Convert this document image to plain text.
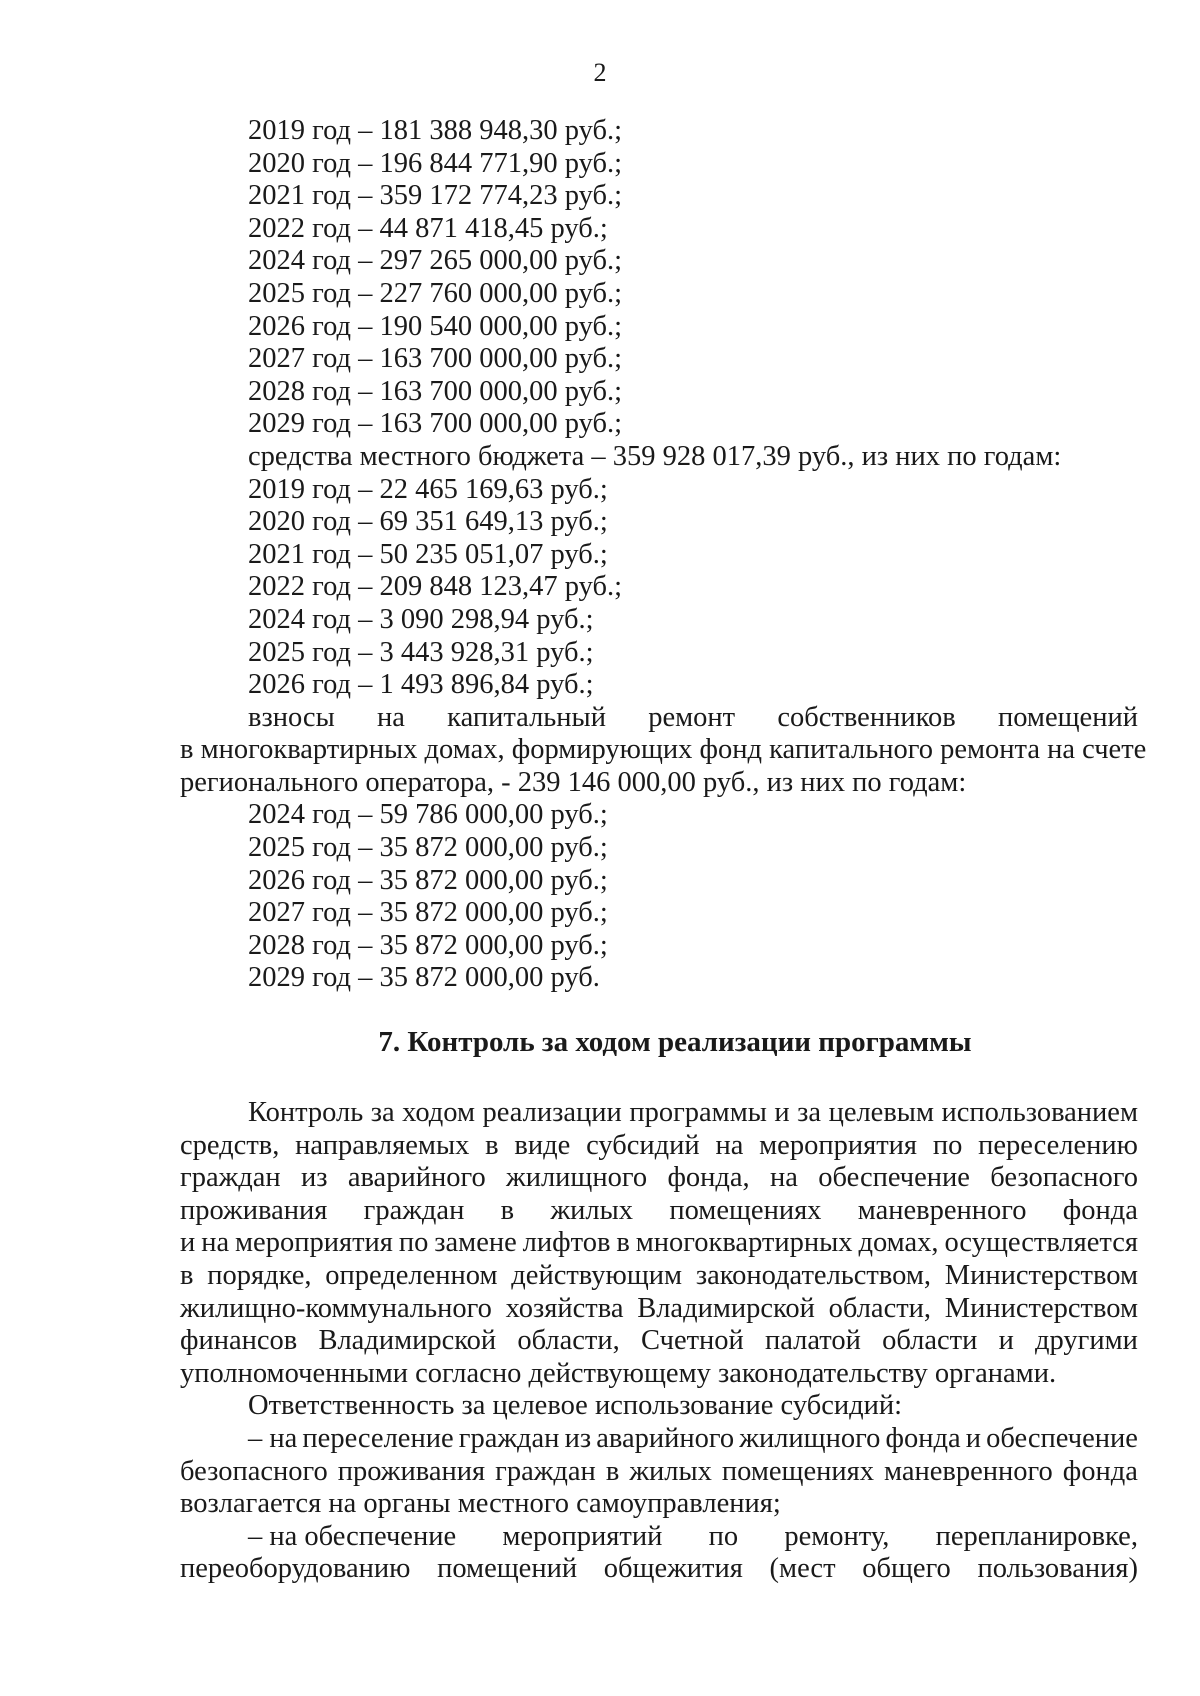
2
2019 год – 181 388 948,30 руб.;
2020 год – 196 844 771,90 руб.;
2021 год – 359 172 774,23 руб.;
2022 год – 44 871 418,45 руб.;
2024 год – 297 265 000,00 руб.;
2025 год – 227 760 000,00 руб.;
2026 год – 190 540 000,00 руб.;
2027 год – 163 700 000,00 руб.;
2028 год – 163 700 000,00 руб.;
2029 год – 163 700 000,00 руб.;
средства местного бюджета – 359 928 017,39 руб., из них по годам:
2019 год – 22 465 169,63 руб.;
2020 год – 69 351 649,13 руб.;
2021 год – 50 235 051,07 руб.;
2022 год – 209 848 123,47 руб.;
2024 год – 3 090 298,94 руб.;
2025 год – 3 443 928,31 руб.;
2026 год – 1 493 896,84 руб.;
взносы на капитальный ремонт собственников помещений
в многоквартирных домах, формирующих фонд капитального ремонта на счете
регионального оператора, - 239 146 000,00 руб., из них по годам:
2024 год – 59 786 000,00 руб.;
2025 год – 35 872 000,00 руб.;
2026 год – 35 872 000,00 руб.;
2027 год – 35 872 000,00 руб.;
2028 год – 35 872 000,00 руб.;
2029 год – 35 872 000,00 руб.
7. Контроль за ходом реализации программы
Контроль за ходом реализации программы и за целевым использованием
средств, направляемых в виде субсидий на мероприятия по переселению
граждан из аварийного жилищного фонда, на обеспечение безопасного
проживания граждан в жилых помещениях маневренного фонда
и на мероприятия по замене лифтов в многоквартирных домах, осуществляется
в порядке, определенном действующим законодательством, Министерством
жилищно-коммунального хозяйства Владимирской области, Министерством
финансов Владимирской области, Счетной палатой области и другими
уполномоченными согласно действующему законодательству органами.
Ответственность за целевое использование субсидий:
– на переселение граждан из аварийного жилищного фонда и обеспечение
безопасного проживания граждан в жилых помещениях маневренного фонда
возлагается на органы местного самоуправления;
– на обеспечение мероприятий по ремонту, перепланировке,
переоборудованию помещений общежития (мест общего пользования)
